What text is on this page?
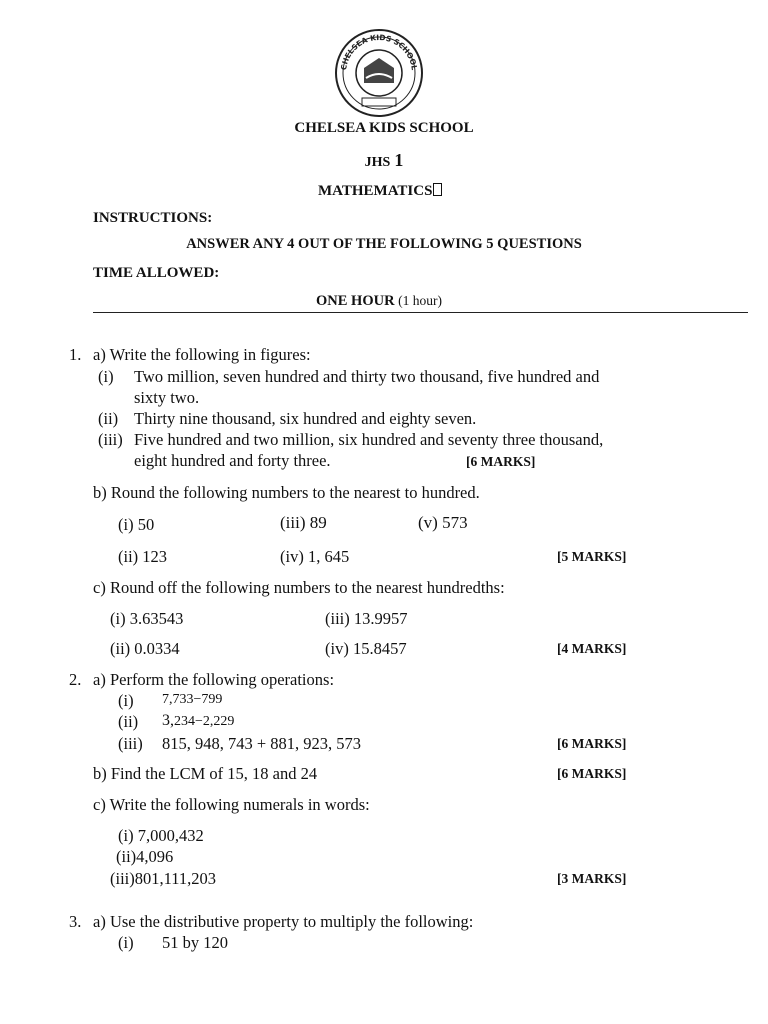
CHELSEA KIDS SCHOOL
CHELSEA KIDS SCHOOL
JHS 1
MATHEMATICS
INSTRUCTIONS:
ANSWER ANY 4 OUT OF THE FOLLOWING 5 QUESTIONS
TIME ALLOWED:
ONE HOUR (1 hour)
1. a) Write the following in figures:
(i) Two million, seven hundred and thirty two thousand, five hundred and
sixty two.
(ii) Thirty nine thousand, six hundred and eighty seven.
(iii) Five hundred and two million, six hundred and seventy three thousand,
eight hundred and forty three.	[6 MARKS]
b) Round the following numbers to the nearest to hundred.
(i) 50	(iii) 89	(v) 573
(ii) 123	(iv) 1, 645	[5 MARKS]
c) Round off the following numbers to the nearest hundredths:
(i) 3.63543	(iii) 13.9957
(ii) 0.0334	(iv) 15.8457	[4 MARKS]
2. a) Perform the following operations:
(i) 7,733−799
(ii) 3,234−2,229
(iii) 815, 948, 743 + 881, 923, 573	[6 MARKS]
b) Find the LCM of 15, 18 and 24	[6 MARKS]
c) Write the following numerals in words:
(i) 7,000,432
(ii)4,096
(iii)801,111,203	[3 MARKS]
3. a) Use the distributive property to multiply the following:
(i) 51 by 120
